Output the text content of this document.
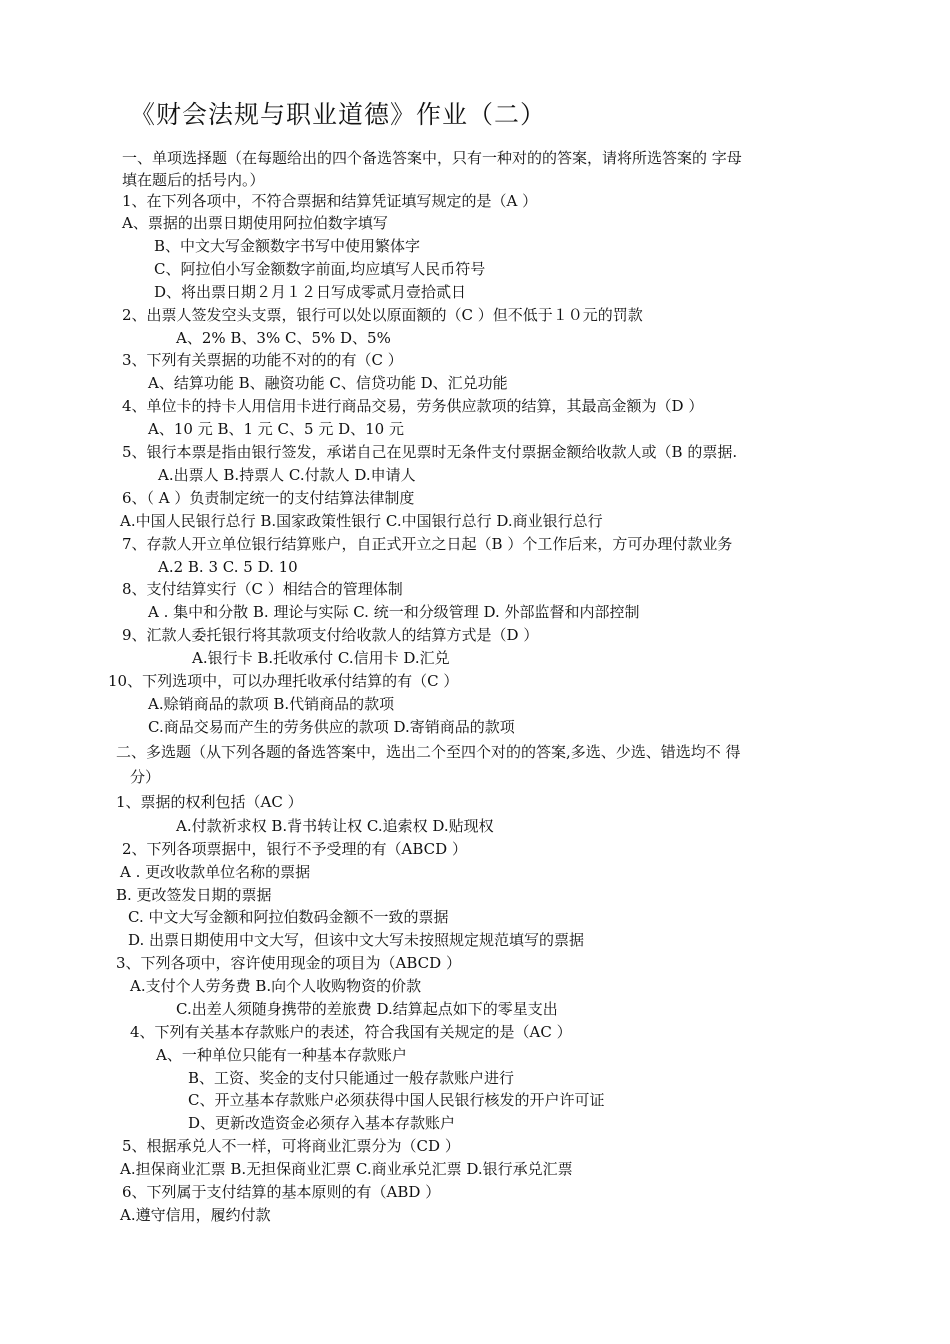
《财会法规与职业道德》作业（二）
一、单项选择题（在每题给出的四个备选答案中，只有一种对的的答案，请将所选答案的 字母
填在题后的括号内。）
1、在下列各项中，不符合票据和结算凭证填写规定的是（A ）
A、票据的出票日期使用阿拉伯数字填写
B、中文大写金额数字书写中使用繁体字
C、阿拉伯小写金额数字前面,均应填写人民币符号
D、将出票日期２月１２日写成零贰月壹拾贰日
2、出票人签发空头支票，银行可以处以原面额的（C ）但不低于１０元的罚款
A、2% B、3% C、5% D、5%
3、下列有关票据的功能不对的的有（C ）
A、结算功能 B、融资功能 C、信贷功能 D、汇兑功能
4、单位卡的持卡人用信用卡进行商品交易，劳务供应款项的结算，其最高金额为（D ）
A、10 元 B、1 元 C、5 元 D、10 元
5、银行本票是指由银行签发，承诺自己在见票时无条件支付票据金额给收款人或（B 的票据.
A.出票人 B.持票人 C.付款人 D.申请人
6、（ A ）负责制定统一的支付结算法律制度
A.中国人民银行总行 B.国家政策性银行 C.中国银行总行 D.商业银行总行
7、存款人开立单位银行结算账户，自正式开立之日起（B ）个工作后来，方可办理付款业务
A.2 B. 3 C. 5 D. 10
8、支付结算实行（C ）相结合的管理体制
A . 集中和分散 B. 理论与实际 C. 统一和分级管理 D. 外部监督和内部控制
9、汇款人委托银行将其款项支付给收款人的结算方式是（D ）
A.银行卡 B.托收承付 C.信用卡 D.汇兑
10、下列选项中，可以办理托收承付结算的有（C ）
A.赊销商品的款项 B.代销商品的款项
C.商品交易而产生的劳务供应的款项 D.寄销商品的款项
二、多选题（从下列各题的备选答案中，选出二个至四个对的的答案,多选、少选、错选均不 得
分）
1、票据的权利包括（AC ）
A.付款祈求权 B.背书转让权 C.追索权 D.贴现权
2、下列各项票据中，银行不予受理的有（ABCD ）
A . 更改收款单位名称的票据
B. 更改签发日期的票据
C. 中文大写金额和阿拉伯数码金额不一致的票据
D. 出票日期使用中文大写，但该中文大写未按照规定规范填写的票据
3、下列各项中，容许使用现金的项目为（ABCD ）
A.支付个人劳务费 B.向个人收购物资的价款
C.出差人须随身携带的差旅费 D.结算起点如下的零星支出
4、下列有关基本存款账户的表述，符合我国有关规定的是（AC ）
A、一种单位只能有一种基本存款账户
B、工资、奖金的支付只能通过一般存款账户进行
C、开立基本存款账户必须获得中国人民银行核发的开户许可证
D、更新改造资金必须存入基本存款账户
5、根据承兑人不一样，可将商业汇票分为（CD ）
A.担保商业汇票 B.无担保商业汇票 C.商业承兑汇票 D.银行承兑汇票
6、下列属于支付结算的基本原则的有（ABD ）
A.遵守信用，履约付款
